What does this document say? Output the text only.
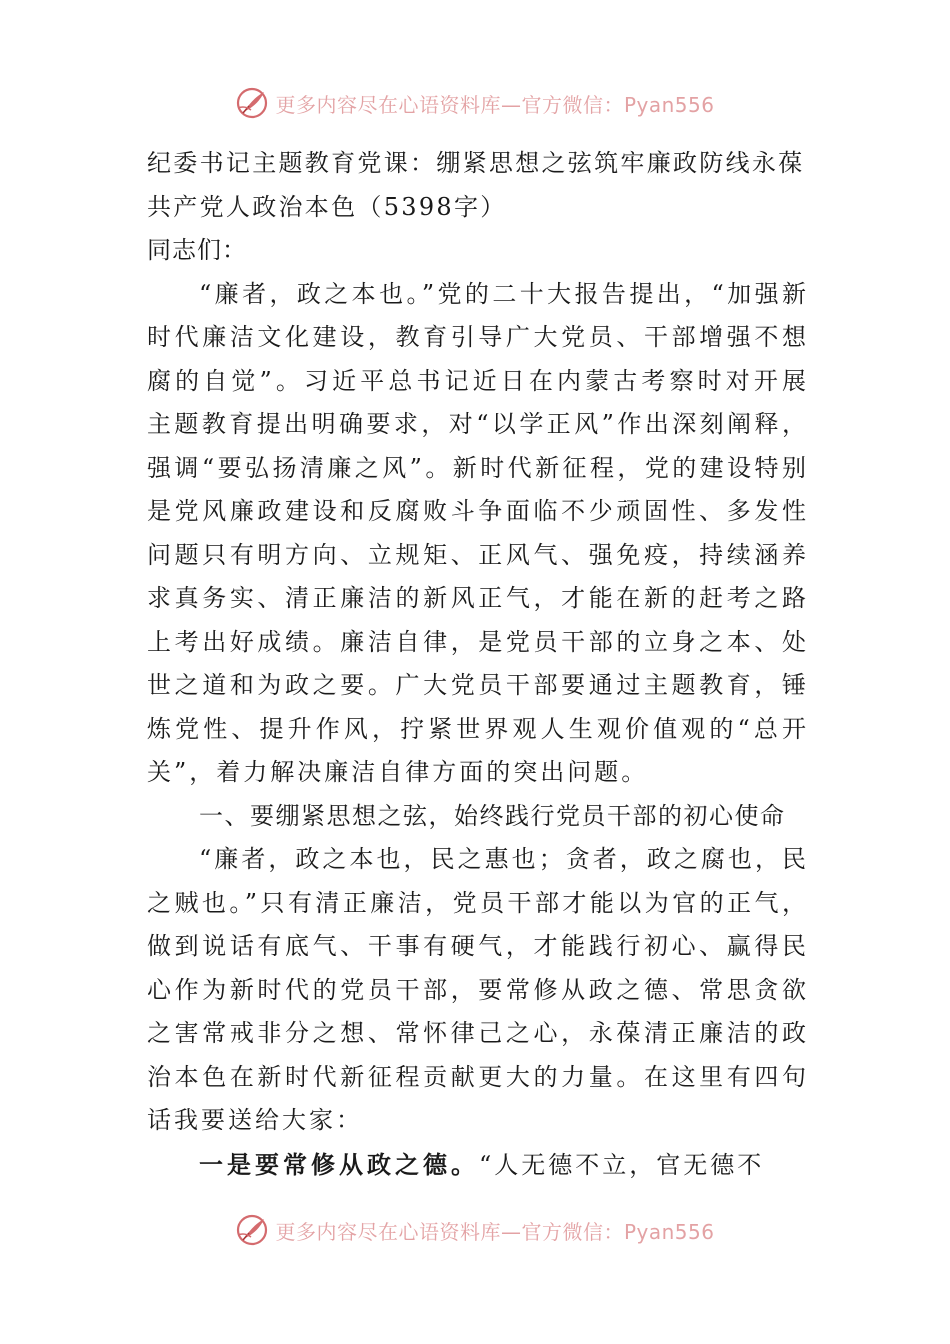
更多内容尽在心语资料库—官方微信：Pyan556

纪委书记主题教育党课：绷紧思想之弦筑牢廉政防线永葆共产党人政治本色（5398字）

同志们：

“廉者，政之本也。”党的二十大报告提出，“加强新时代廉洁文化建设，教育引导广大党员、干部增强不想腐的自觉”。习近平总书记近日在内蒙古考察时对开展主题教育提出明确要求，对“以学正风”作出深刻阐释，强调“要弘扬清廉之风”。新时代新征程，党的建设特别是党风廉政建设和反腐败斗争面临不少顽固性、多发性问题只有明方向、立规矩、正风气、强免疫，持续涵养求真务实、清正廉洁的新风正气，才能在新的赶考之路上考出好成绩。廉洁自律，是党员干部的立身之本、处世之道和为政之要。广大党员干部要通过主题教育，锤炼党性、提升作风，拧紧世界观人生观价值观的“总开关”，着力解决廉洁自律方面的突出问题。

一、要绷紧思想之弦，始终践行党员干部的初心使命

“廉者，政之本也，民之惠也；贪者，政之腐也，民之贼也。”只有清正廉洁，党员干部才能以为官的正气，做到说话有底气、干事有硬气，才能践行初心、赢得民心作为新时代的党员干部，要常修从政之德、常思贪欲之害常戒非分之想、常怀律己之心，永葆清正廉洁的政治本色在新时代新征程贡献更大的力量。在这里有四句话我要送给大家：

一是要常修从政之德。“人无德不立，官无德不

更多内容尽在心语资料库—官方微信：Pyan556
